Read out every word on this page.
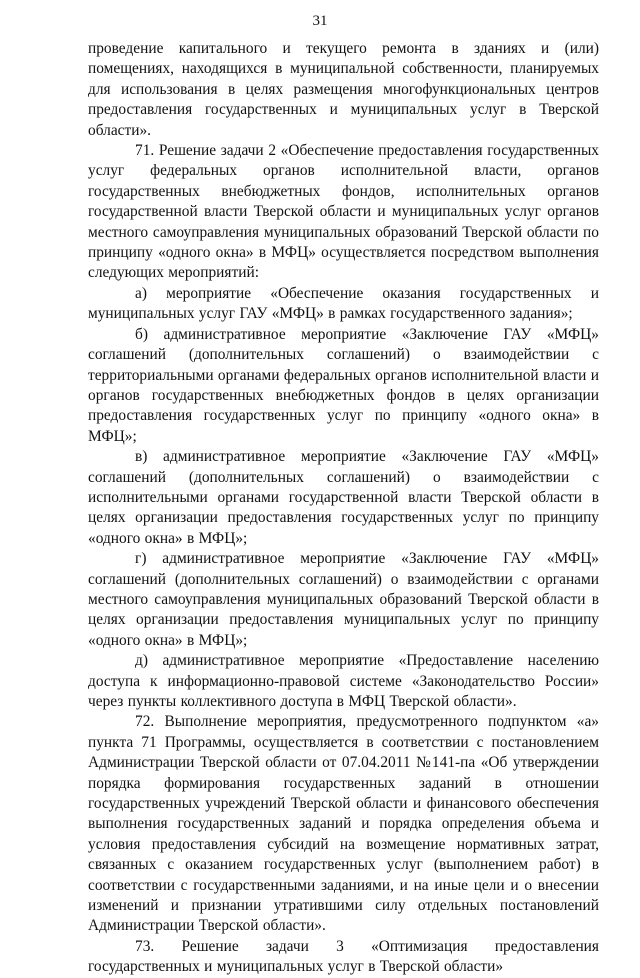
31

проведение капитального и текущего ремонта в зданиях и (или) помещениях, находящихся в муниципальной собственности, планируемых для использования в целях размещения многофункциональных центров предоставления государственных и муниципальных услуг в Тверской области».

71. Решение задачи 2 «Обеспечение предоставления государственных услуг федеральных органов исполнительной власти, органов государственных внебюджетных фондов, исполнительных органов государственной власти Тверской области и муниципальных услуг органов местного самоуправления муниципальных образований Тверской области по принципу «одного окна» в МФЦ» осуществляется посредством выполнения следующих мероприятий:

а) мероприятие «Обеспечение оказания государственных и муниципальных услуг ГАУ «МФЦ» в рамках государственного задания»;

б) административное мероприятие «Заключение ГАУ «МФЦ» соглашений (дополнительных соглашений) о взаимодействии с территориальными органами федеральных органов исполнительной власти и органов государственных внебюджетных фондов в целях организации предоставления государственных услуг по принципу «одного окна» в МФЦ»;

в) административное мероприятие «Заключение ГАУ «МФЦ» соглашений (дополнительных соглашений) о взаимодействии с исполнительными органами государственной власти Тверской области в целях организации предоставления государственных услуг по принципу «одного окна» в МФЦ»;

г) административное мероприятие «Заключение ГАУ «МФЦ» соглашений (дополнительных соглашений) о взаимодействии с органами местного самоуправления муниципальных образований Тверской области в целях организации предоставления муниципальных услуг по принципу «одного окна» в МФЦ»;

д) административное мероприятие «Предоставление населению доступа к информационно-правовой системе «Законодательство России» через пункты коллективного доступа в МФЦ Тверской области».

72. Выполнение мероприятия, предусмотренного подпунктом «а» пункта 71 Программы, осуществляется в соответствии с постановлением Администрации Тверской области от 07.04.2011 №141-па «Об утверждении порядка формирования государственных заданий в отношении государственных учреждений Тверской области и финансового обеспечения выполнения государственных заданий и порядка определения объема и условия предоставления субсидий на возмещение нормативных затрат, связанных с оказанием государственных услуг (выполнением работ) в соответствии с государственными заданиями, и на иные цели и о внесении изменений и признании утратившими силу отдельных постановлений Администрации Тверской области».

73. Решение задачи 3 «Оптимизация предоставления государственных и муниципальных услуг в Тверской области»
